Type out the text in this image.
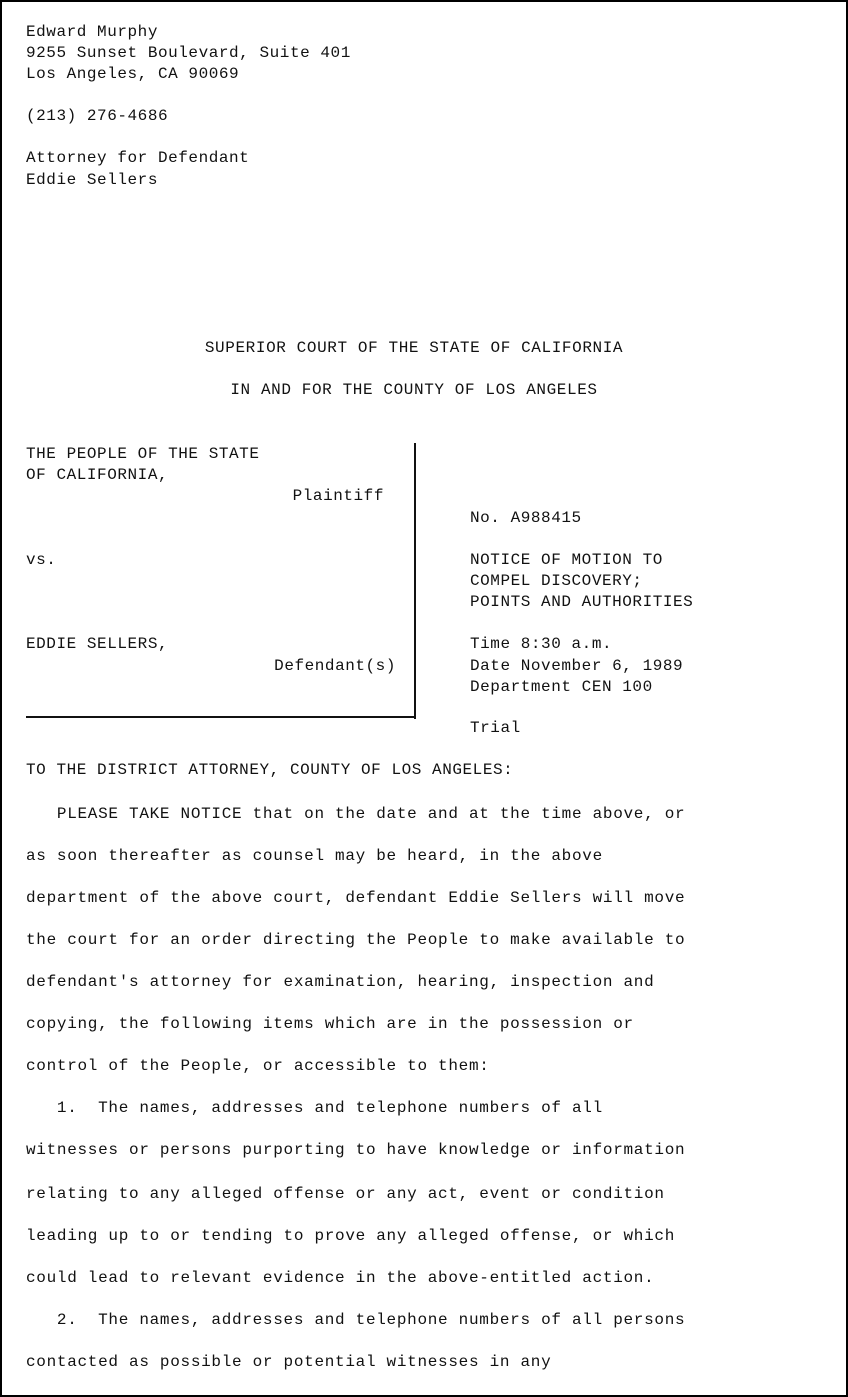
Edward Murphy
9255 Sunset Boulevard, Suite 401
Los Angeles, CA 90069
(213) 276-4686
Attorney for Defendant
Eddie Sellers
SUPERIOR COURT OF THE STATE OF CALIFORNIA
IN AND FOR THE COUNTY OF LOS ANGELES
THE PEOPLE OF THE STATE
OF CALIFORNIA,
Plaintiff
vs.
EDDIE SELLERS,
Defendant(s)
No. A988415
NOTICE OF MOTION TO
COMPEL DISCOVERY;
POINTS AND AUTHORITIES
Time 8:30 a.m.
Date November 6, 1989
Department CEN 100
Trial
TO THE DISTRICT ATTORNEY, COUNTY OF LOS ANGELES:
PLEASE TAKE NOTICE that on the date and at the time above, or
as soon thereafter as counsel may be heard, in the above
department of the above court, defendant Eddie Sellers will move
the court for an order directing the People to make available to
defendant's attorney for examination, hearing, inspection and
copying, the following items which are in the possession or
control of the People, or accessible to them:
1.  The names, addresses and telephone numbers of all
witnesses or persons purporting to have knowledge or information
relating to any alleged offense or any act, event or condition
leading up to or tending to prove any alleged offense, or which
could lead to relevant evidence in the above-entitled action.
2.  The names, addresses and telephone numbers of all persons
contacted as possible or potential witnesses in any
